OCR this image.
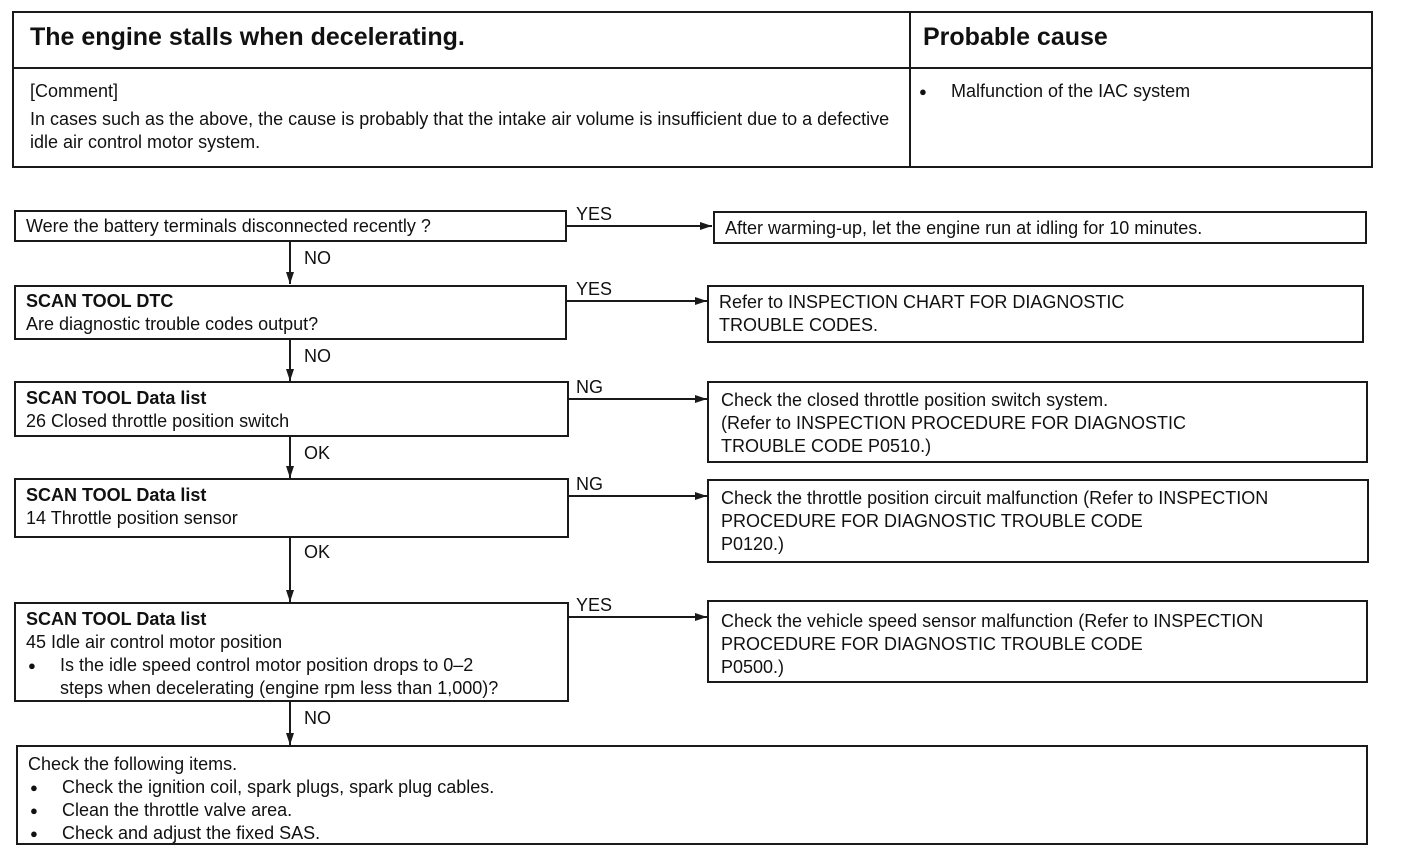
The engine stalls when decelerating.	Probable cause
[Comment]
In cases such as the above, the cause is probably that the intake air volume is insufficient due to a defective idle air control motor system.
●	Malfunction of the IAC system
Were the battery terminals disconnected recently ?
YES
NO
After warming-up, let the engine run at idling for 10 minutes.
SCAN TOOL DTC
Are diagnostic trouble codes output?
YES
NO
Refer to INSPECTION CHART FOR DIAGNOSTIC
TROUBLE CODES.
SCAN TOOL Data list
26 Closed throttle position switch
NG
OK
Check the closed throttle position switch system.
(Refer to INSPECTION PROCEDURE FOR DIAGNOSTIC
TROUBLE CODE P0510.)
SCAN TOOL Data list
14 Throttle position sensor
NG
OK
Check the throttle position circuit malfunction (Refer to INSPECTION
PROCEDURE FOR DIAGNOSTIC TROUBLE CODE
P0120.)
SCAN TOOL Data list
45 Idle air control motor position
●	Is the idle speed control motor position drops to 0–2
steps when decelerating (engine rpm less than 1,000)?
YES
NO
Check the vehicle speed sensor malfunction (Refer to INSPECTION
PROCEDURE FOR DIAGNOSTIC TROUBLE CODE
P0500.)
Check the following items.
●	Check the ignition coil, spark plugs, spark plug cables.
●	Clean the throttle valve area.
●	Check and adjust the fixed SAS.
